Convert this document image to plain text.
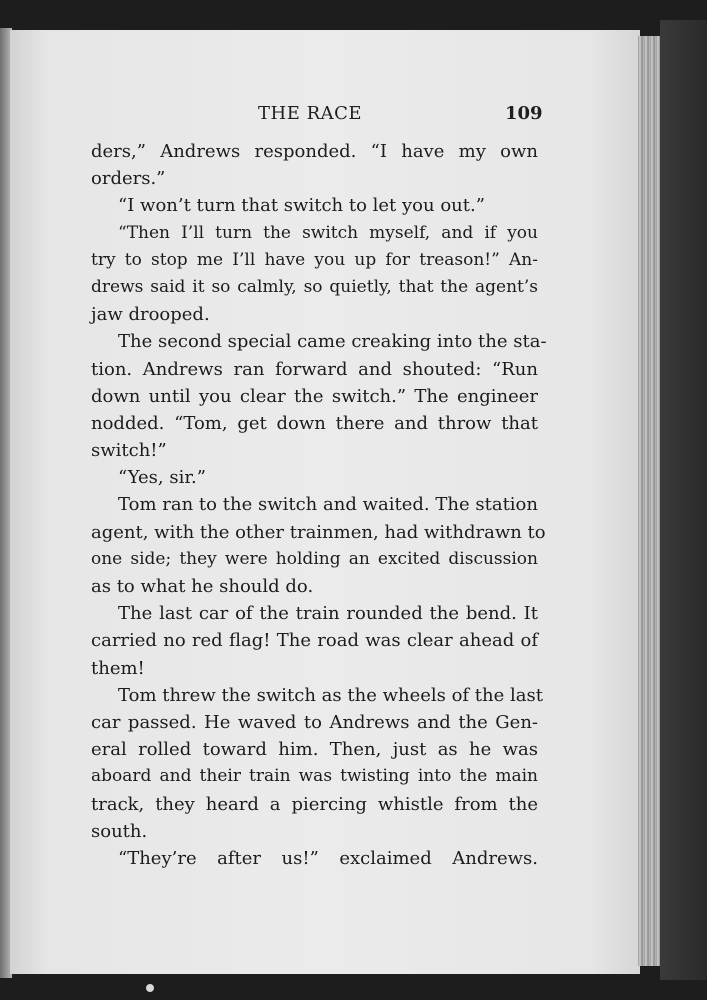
THE RACE	109
ders,” Andrews responded. “I have my own
orders.”
“I won’t turn that switch to let you out.”
“Then I’ll turn the switch myself, and if you
try to stop me I’ll have you up for treason!” An-
drews said it so calmly, so quietly, that the agent’s
jaw drooped.
The second special came creaking into the sta-
tion. Andrews ran forward and shouted: “Run
down until you clear the switch.” The engineer
nodded. “Tom, get down there and throw that
switch!”
“Yes, sir.”
Tom ran to the switch and waited. The station
agent, with the other trainmen, had withdrawn to
one side; they were holding an excited discussion
as to what he should do.
The last car of the train rounded the bend. It
carried no red flag! The road was clear ahead of
them!
Tom threw the switch as the wheels of the last
car passed. He waved to Andrews and the Gen-
eral rolled toward him. Then, just as he was
aboard and their train was twisting into the main
track, they heard a piercing whistle from the
south.
“They’re after us!” exclaimed Andrews.
